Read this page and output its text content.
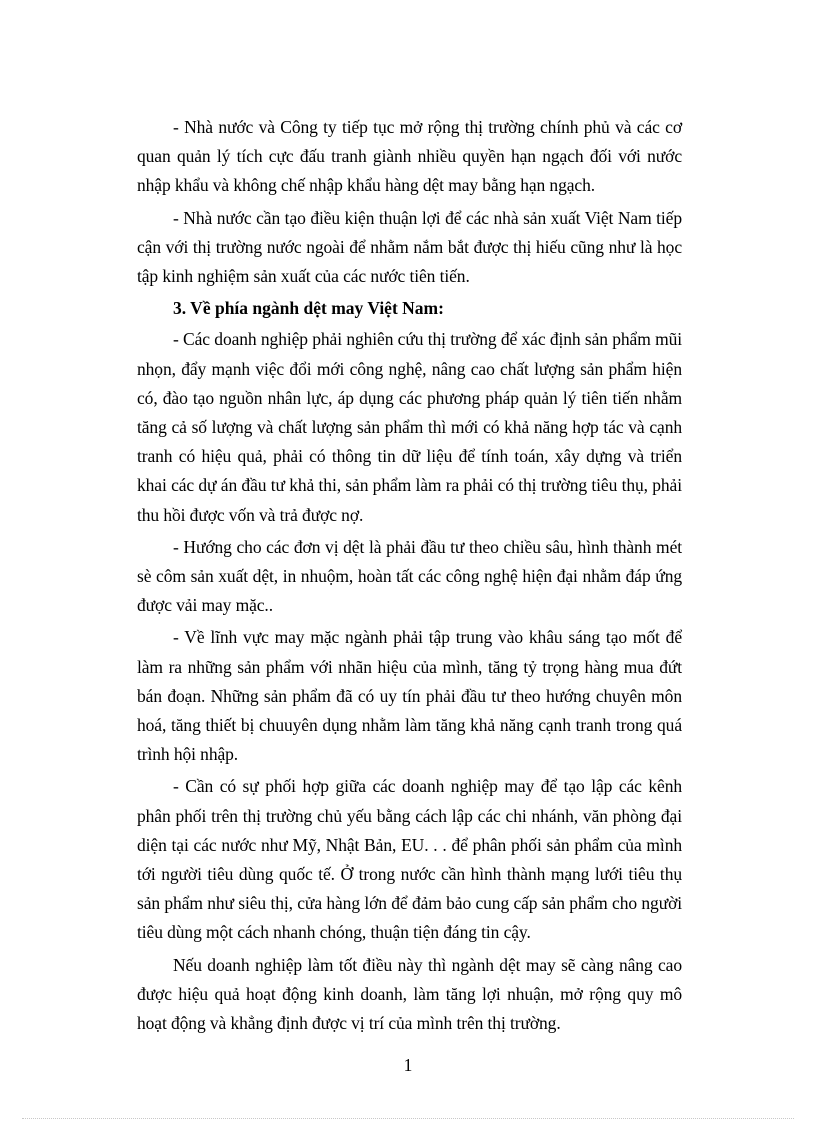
- Nhà nước và Công ty tiếp tục mở rộng thị trường chính phủ và các cơ quan quản lý tích cực đấu tranh giành nhiều quyền hạn ngạch đối với nước nhập khẩu và không chế nhập khẩu hàng dệt may bằng hạn ngạch.

- Nhà nước cần tạo điều kiện thuận lợi để các nhà sản xuất Việt Nam tiếp cận với thị trường nước ngoài để nhằm nắm bắt được thị hiếu cũng như là học tập kinh nghiệm sản xuất của các nước tiên tiến.

3. Về phía ngành dệt may Việt Nam:

- Các doanh nghiệp phải nghiên cứu thị trường để xác định sản phẩm mũi nhọn, đẩy mạnh việc đổi mới công nghệ, nâng cao chất lượng sản phẩm hiện có, đào tạo nguồn nhân lực, áp dụng các phương pháp quản lý tiên tiến nhằm tăng cả số lượng và chất lượng sản phẩm thì mới có khả năng hợp tác và cạnh tranh có hiệu quả, phải có thông tin dữ liệu để tính toán, xây dựng và triển khai các dự án đầu tư khả thi, sản phẩm làm ra phải có thị trường tiêu thụ, phải thu hồi được vốn và trả được nợ.

- Hướng cho các đơn vị dệt là phải đầu tư theo chiều sâu, hình thành mét sè côm sản xuất dệt, in nhuộm, hoàn tất các công nghệ hiện đại nhằm đáp ứng được vải may mặc..

- Về lĩnh vực may mặc ngành phải tập trung vào khâu sáng tạo mốt để làm ra những sản phẩm với nhãn hiệu của mình, tăng tỷ trọng hàng mua đứt bán đoạn. Những sản phẩm đã có uy tín phải đầu tư theo hướng chuyên môn hoá, tăng thiết bị chuuyên dụng nhằm làm tăng khả năng cạnh tranh trong quá trình hội nhập.

- Cần có sự phối hợp giữa các doanh nghiệp may để tạo lập các kênh phân phối trên thị trường chủ yếu bằng cách lập các chi nhánh, văn phòng đại diện tại các nước như Mỹ, Nhật Bản, EU. . . để phân phối sản phẩm của mình tới người tiêu dùng quốc tế. Ở trong nước cần hình thành mạng lưới tiêu thụ sản phẩm như siêu thị, cửa hàng lớn để đảm bảo cung cấp sản phẩm cho người tiêu dùng một cách nhanh chóng, thuận tiện đáng tin cậy.

Nếu doanh nghiệp làm tốt điều này thì ngành dệt may sẽ càng nâng cao được hiệu quả hoạt động kinh doanh, làm tăng lợi nhuận, mở rộng quy mô hoạt động và khẳng định được vị trí của mình trên thị trường.

1
